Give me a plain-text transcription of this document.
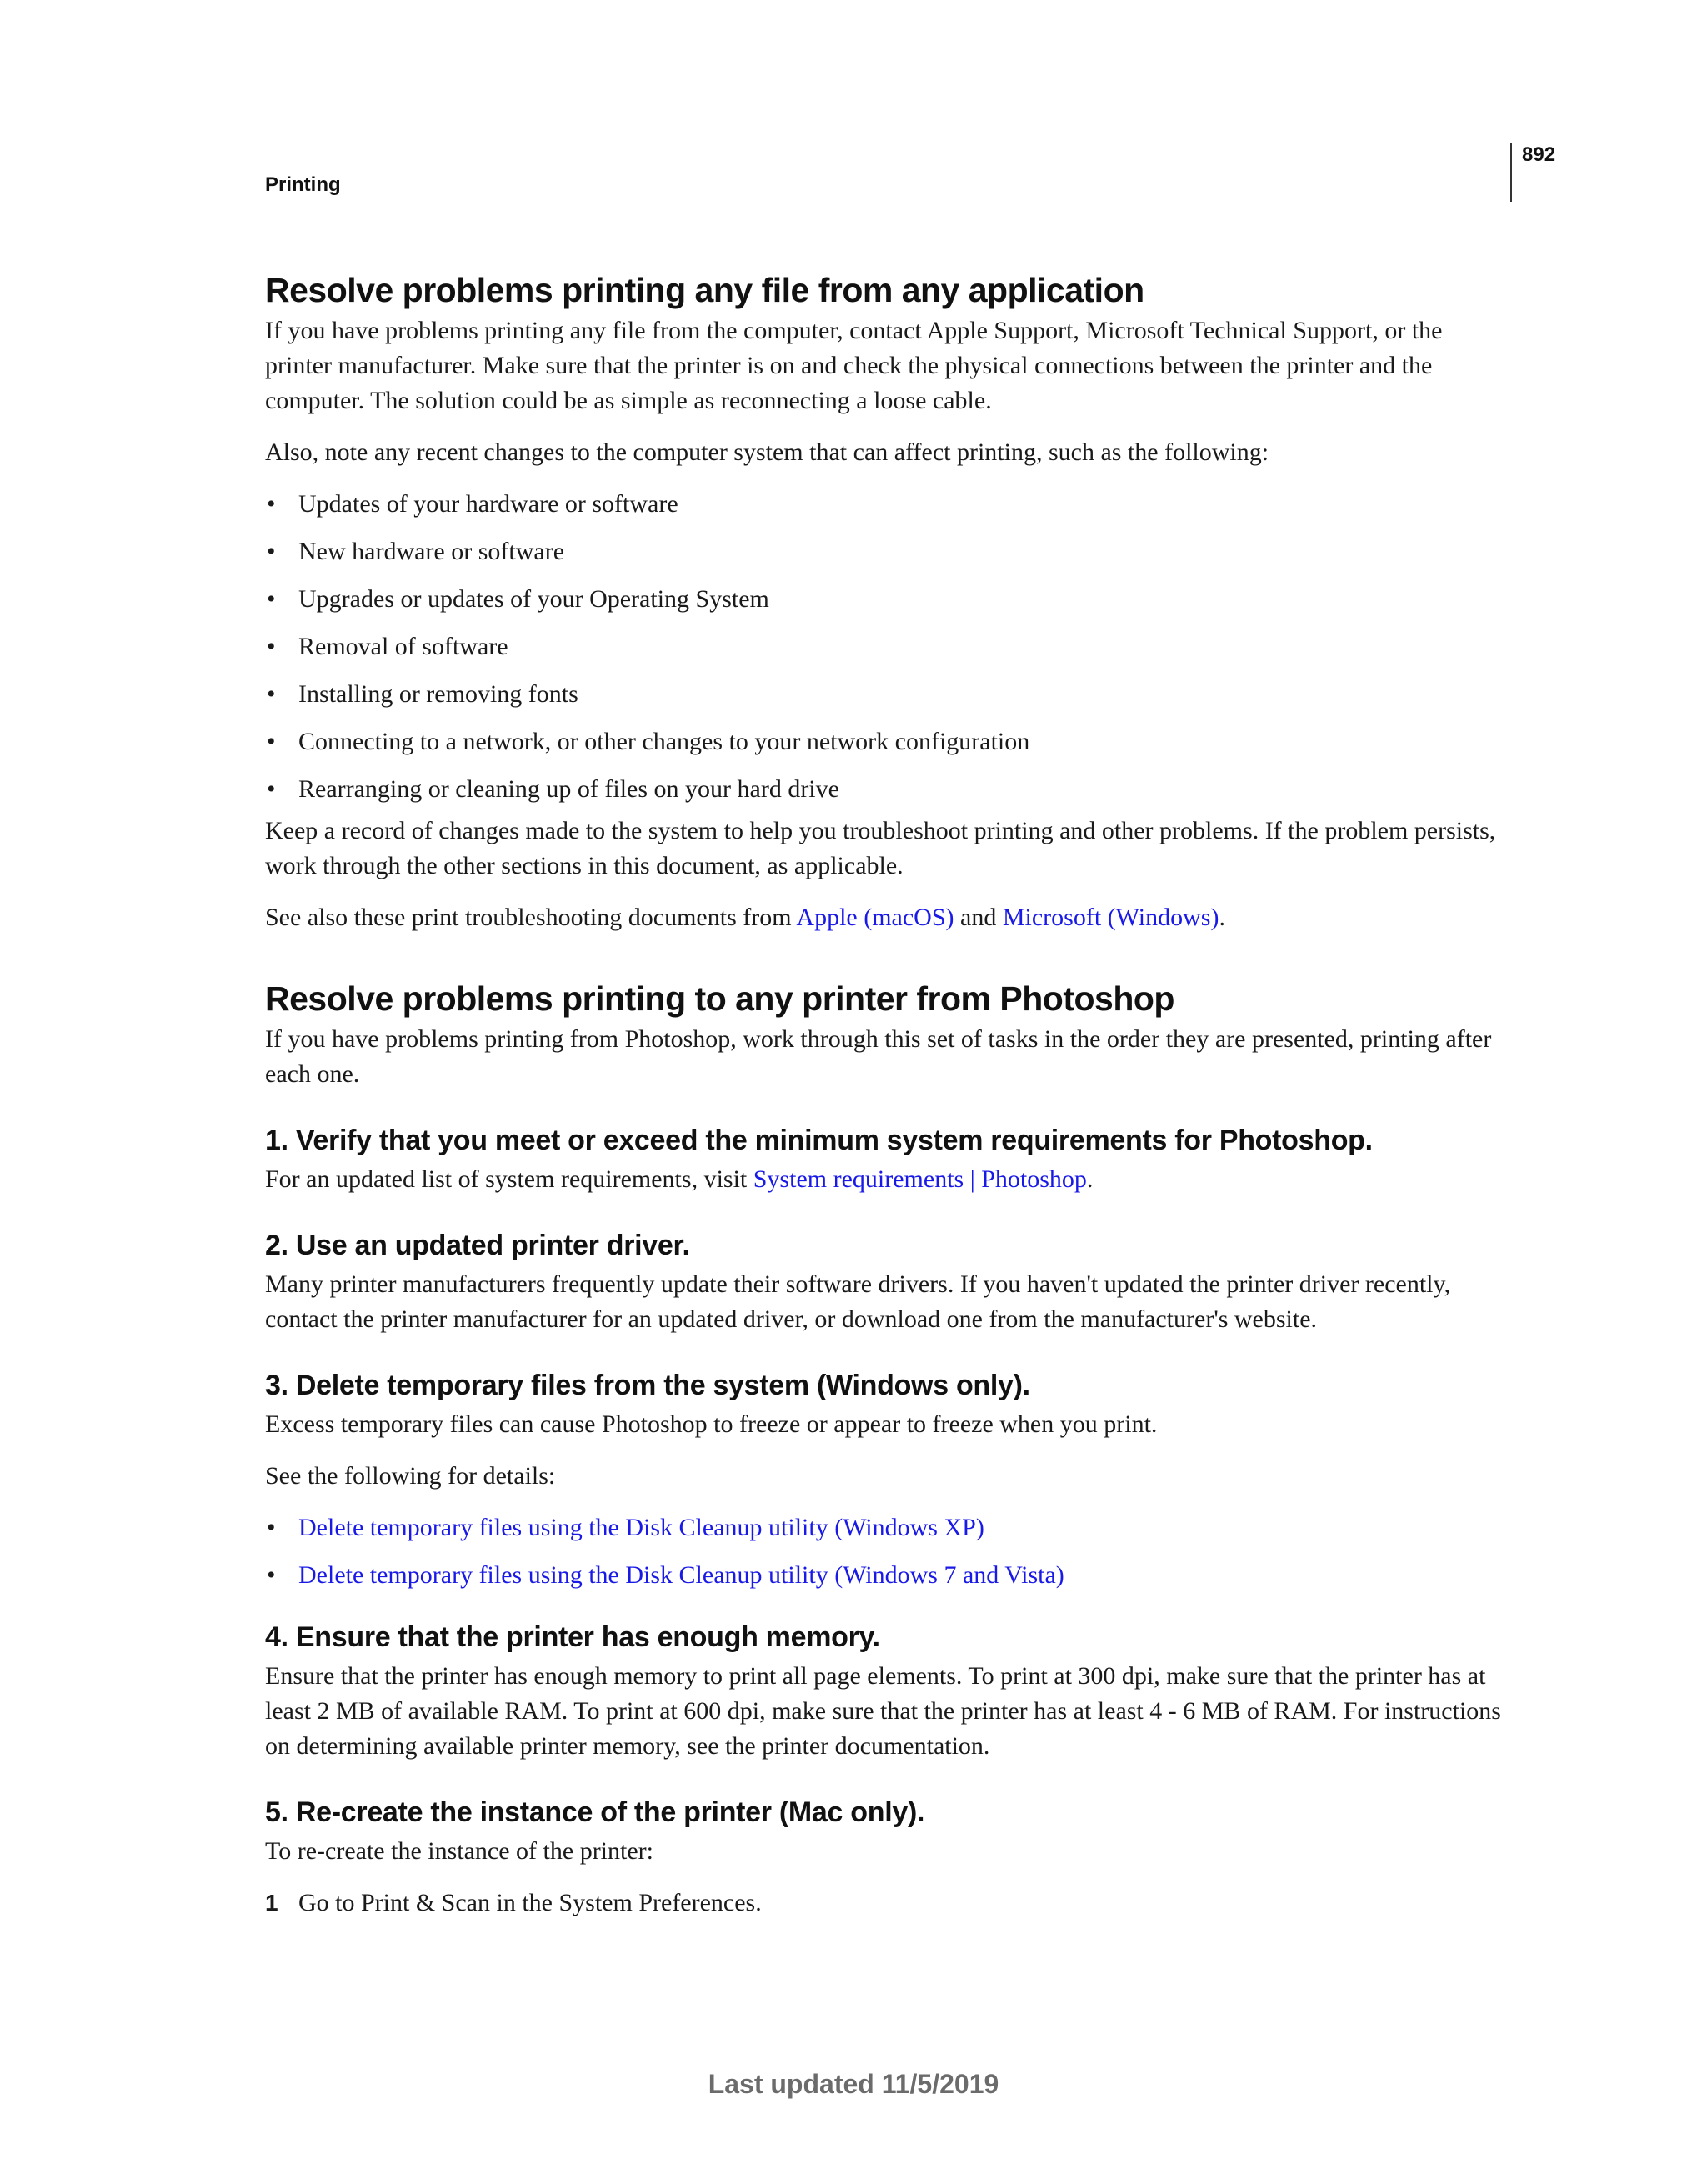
Printing
892
Resolve problems printing any file from any application

If you have problems printing any file from the computer, contact Apple Support, Microsoft Technical Support, or the printer manufacturer. Make sure that the printer is on and check the physical connections between the printer and the computer. The solution could be as simple as reconnecting a loose cable.

Also, note any recent changes to the computer system that can affect printing, such as the following:

• Updates of your hardware or software
• New hardware or software
• Upgrades or updates of your Operating System
• Removal of software
• Installing or removing fonts
• Connecting to a network, or other changes to your network configuration
• Rearranging or cleaning up of files on your hard drive

Keep a record of changes made to the system to help you troubleshoot printing and other problems. If the problem persists, work through the other sections in this document, as applicable.

See also these print troubleshooting documents from Apple (macOS) and Microsoft (Windows).

Resolve problems printing to any printer from Photoshop

If you have problems printing from Photoshop, work through this set of tasks in the order they are presented, printing after each one.

1. Verify that you meet or exceed the minimum system requirements for Photoshop.

For an updated list of system requirements, visit System requirements | Photoshop.

2. Use an updated printer driver.

Many printer manufacturers frequently update their software drivers. If you haven't updated the printer driver recently, contact the printer manufacturer for an updated driver, or download one from the manufacturer's website.

3. Delete temporary files from the system (Windows only).

Excess temporary files can cause Photoshop to freeze or appear to freeze when you print.

See the following for details:

• Delete temporary files using the Disk Cleanup utility (Windows XP)
• Delete temporary files using the Disk Cleanup utility (Windows 7 and Vista)
4. Ensure that the printer has enough memory.

Ensure that the printer has enough memory to print all page elements. To print at 300 dpi, make sure that the printer has at least 2 MB of available RAM. To print at 600 dpi, make sure that the printer has at least 4 - 6 MB of RAM. For instructions on determining available printer memory, see the printer documentation.

5. Re-create the instance of the printer (Mac only).

To re-create the instance of the printer:

1 Go to Print & Scan in the System Preferences.
Last updated 11/5/2019
